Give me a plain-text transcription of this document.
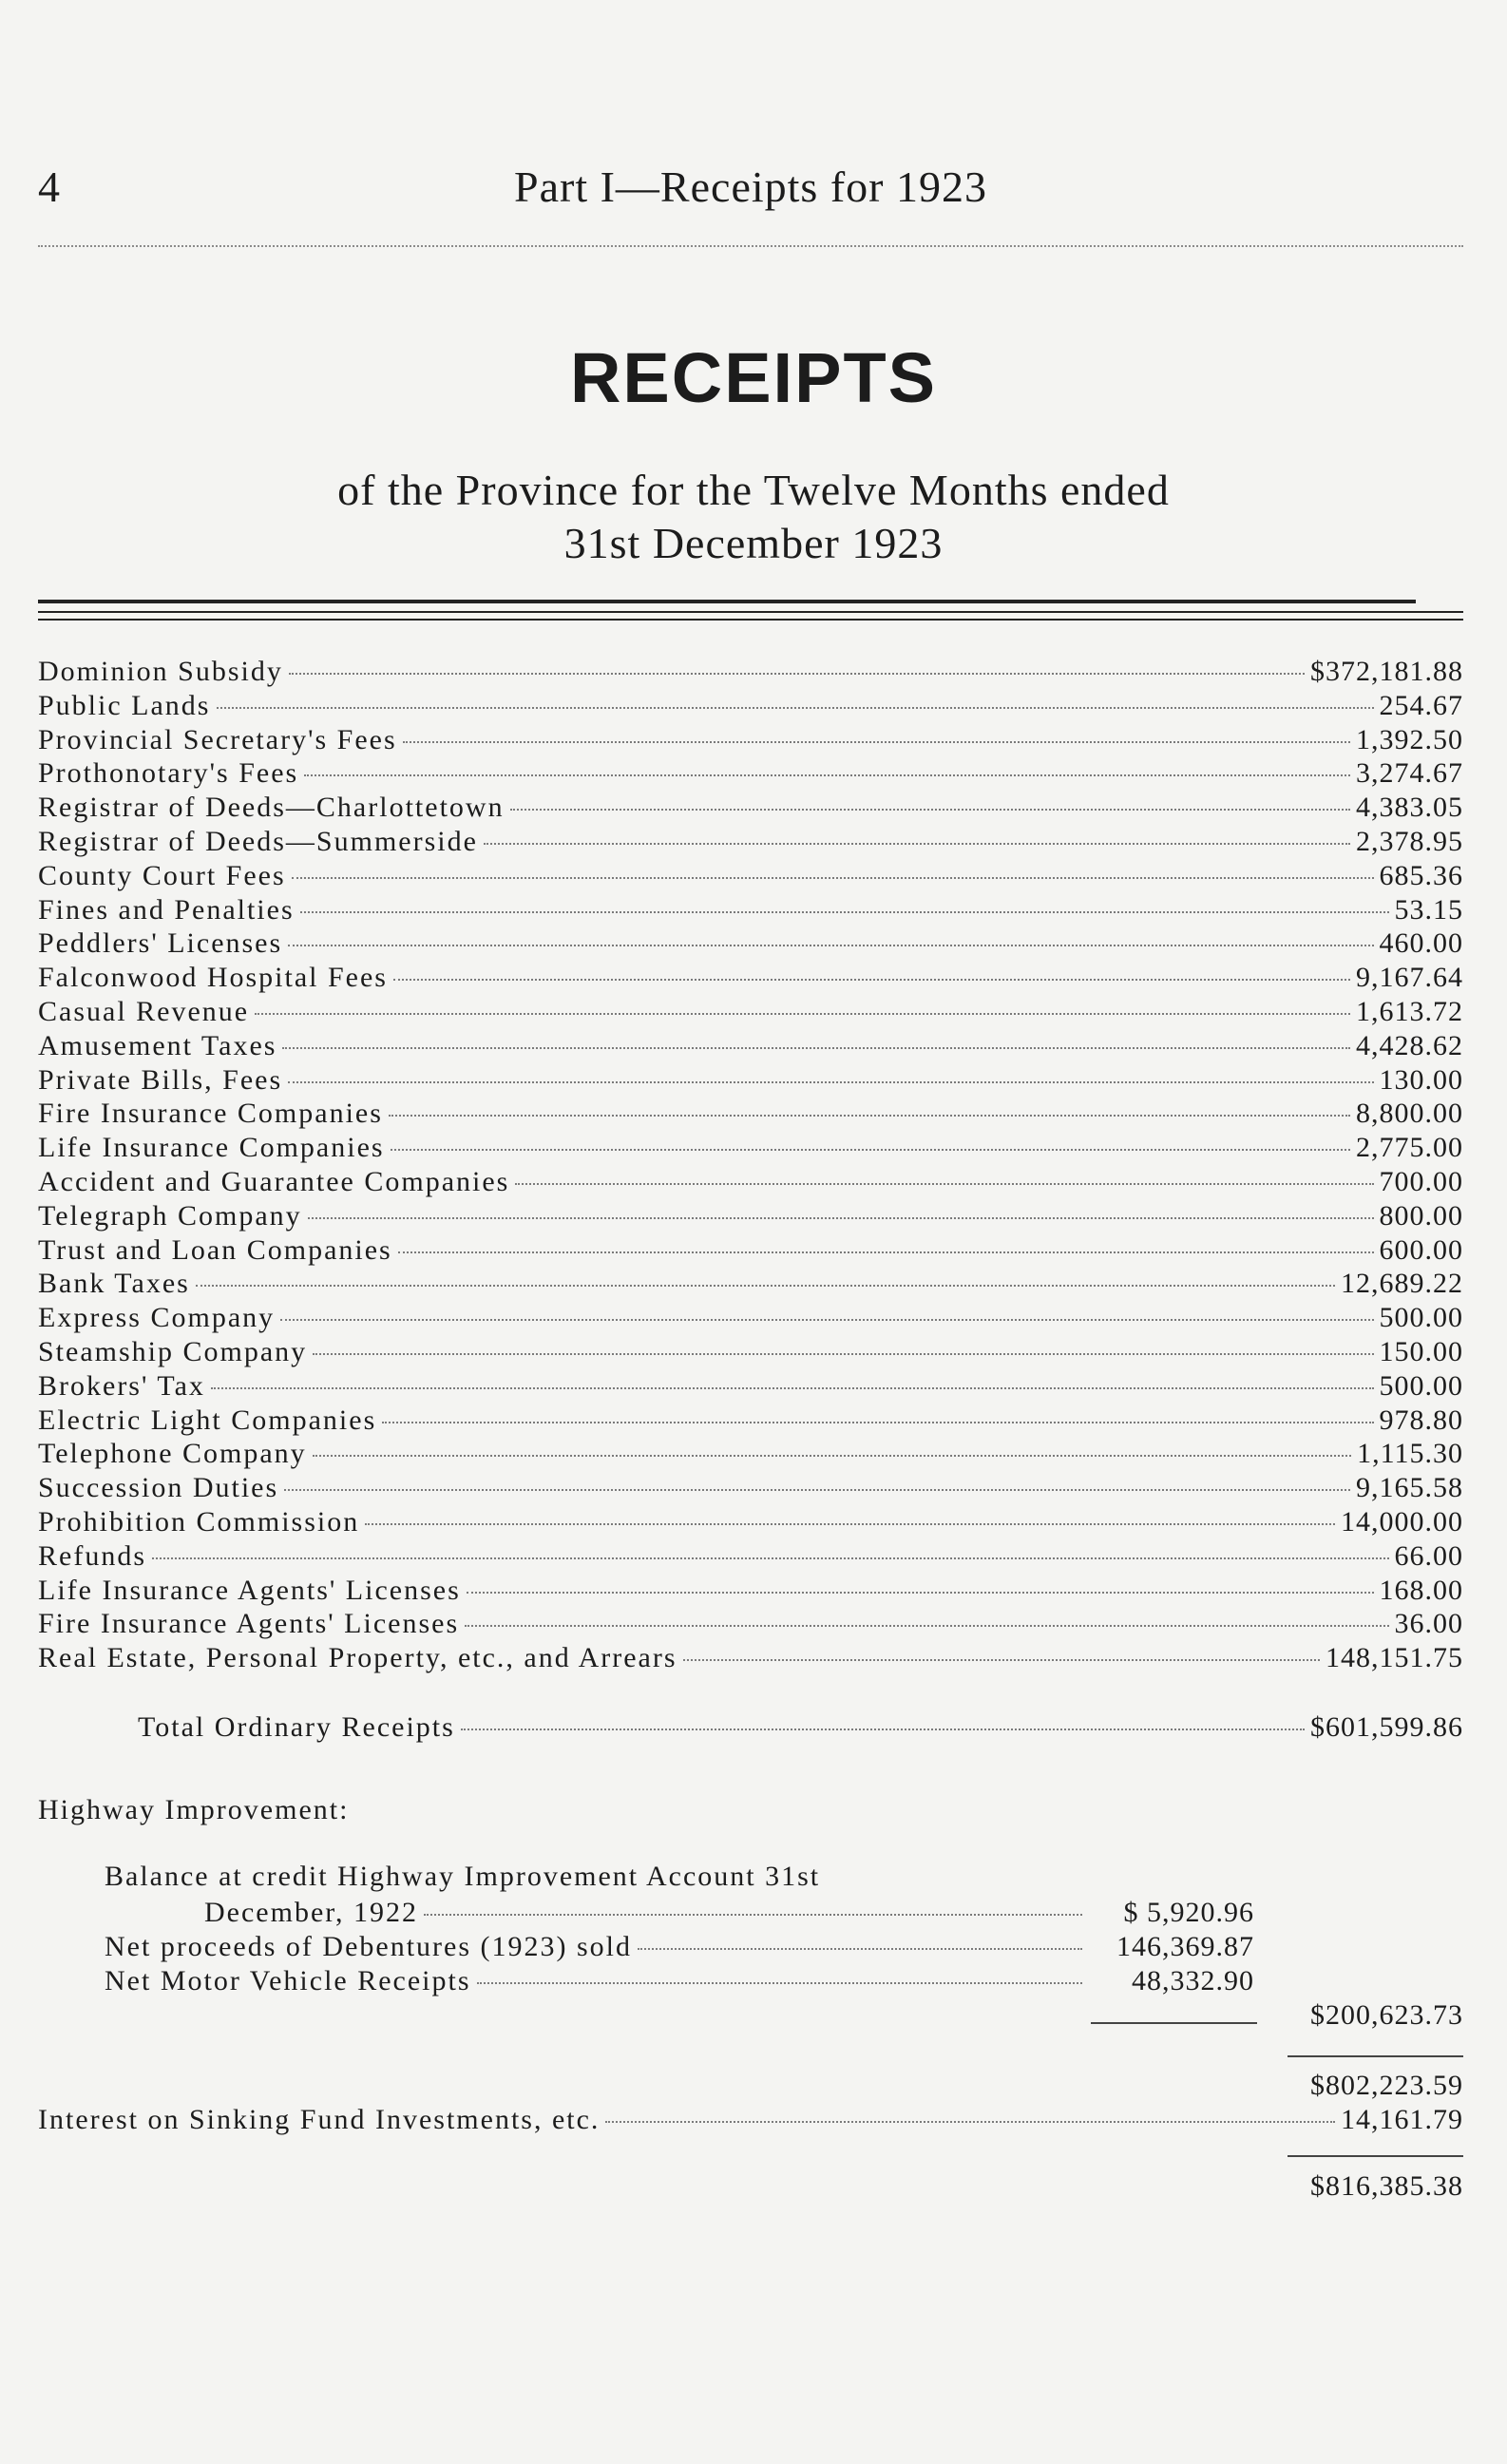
4	Part I—Receipts for 1923
RECEIPTS
of the Province for the Twelve Months ended
31st December 1923
Dominion Subsidy	$372,181.88
Public Lands	254.67
Provincial Secretary's Fees	1,392.50
Prothonotary's Fees	3,274.67
Registrar of Deeds—Charlottetown	4,383.05
Registrar of Deeds—Summerside	2,378.95
County Court Fees	685.36
Fines and Penalties	53.15
Peddlers' Licenses	460.00
Falconwood Hospital Fees	9,167.64
Casual Revenue	1,613.72
Amusement Taxes	4,428.62
Private Bills, Fees	130.00
Fire Insurance Companies	8,800.00
Life Insurance Companies	2,775.00
Accident and Guarantee Companies	700.00
Telegraph Company	800.00
Trust and Loan Companies	600.00
Bank Taxes	12,689.22
Express Company	500.00
Steamship Company	150.00
Brokers' Tax	500.00
Electric Light Companies	978.80
Telephone Company	1,115.30
Succession Duties	9,165.58
Prohibition Commission	14,000.00
Refunds	66.00
Life Insurance Agents' Licenses	168.00
Fire Insurance Agents' Licenses	36.00
Real Estate, Personal Property, etc., and Arrears	148,151.75
Total Ordinary Receipts	$601,599.86
Highway Improvement:
Balance at credit Highway Improvement Account 31st
December, 1922	$ 5,920.96
Net proceeds of Debentures (1923) sold	146,369.87
Net Motor Vehicle Receipts	48,332.90
$200,623.73
$802,223.59
Interest on Sinking Fund Investments, etc.	14,161.79
$816,385.38
